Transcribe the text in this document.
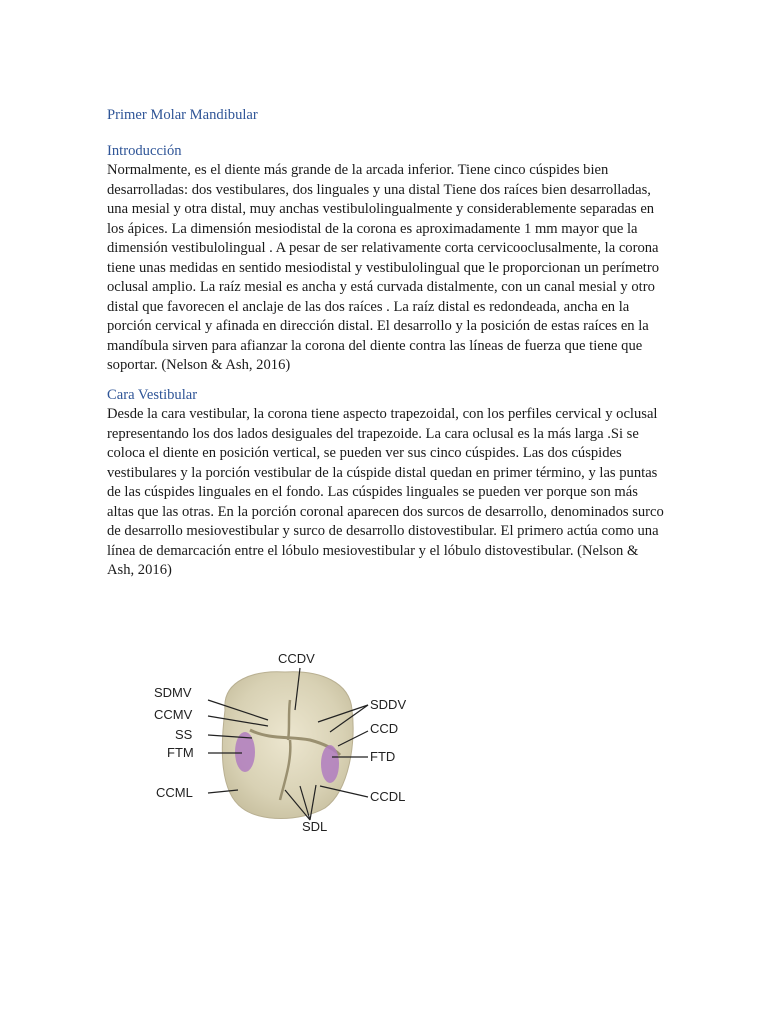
Primer Molar Mandibular

Introducción

Normalmente, es el diente más grande de la arcada inferior. Tiene cinco cúspides bien desarrolladas: dos vestibulares, dos linguales y una distal Tiene dos raíces bien desarrolladas, una mesial y otra distal, muy anchas vestibulolingualmente y considerablemente separadas en los ápices. La dimensión mesiodistal de la corona es aproximadamente 1 mm mayor que la dimensión vestibulolingual . A pesar de ser relativamente corta cervicooclusalmente, la corona tiene unas medidas en sentido mesiodistal y vestibulolingual que le proporcionan un perímetro oclusal amplio. La raíz mesial es ancha y está curvada distalmente, con un canal mesial y otro distal que favorecen el anclaje de las dos raíces . La raíz distal es redondeada, ancha en la porción cervical y afinada en dirección distal. El desarrollo y la posición de estas raíces en la mandíbula sirven para afianzar la corona del diente contra las líneas de fuerza que tiene que soportar. (Nelson & Ash, 2016)

Cara Vestibular

Desde la cara vestibular, la corona tiene aspecto trapezoidal, con los perfiles cervical y oclusal representando los dos lados desiguales del trapezoide. La cara oclusal es la más larga .Si se coloca el diente en posición vertical, se pueden ver sus cinco cúspides. Las dos cúspides vestibulares y la porción vestibular de la cúspide distal quedan en primer término, y las puntas de las cúspides linguales en el fondo. Las cúspides linguales se pueden ver porque son más altas que las otras. En la porción coronal aparecen dos surcos de desarrollo, denominados surco de desarrollo mesiovestibular y surco de desarrollo distovestibular. El primero actúa como una línea de demarcación entre el lóbulo mesiovestibular y el lóbulo distovestibular. (Nelson & Ash, 2016)

CCDV
SDMV
CCMV
SS
FTM
CCML
SDDV
CCD
FTD
CCDL
SDL
